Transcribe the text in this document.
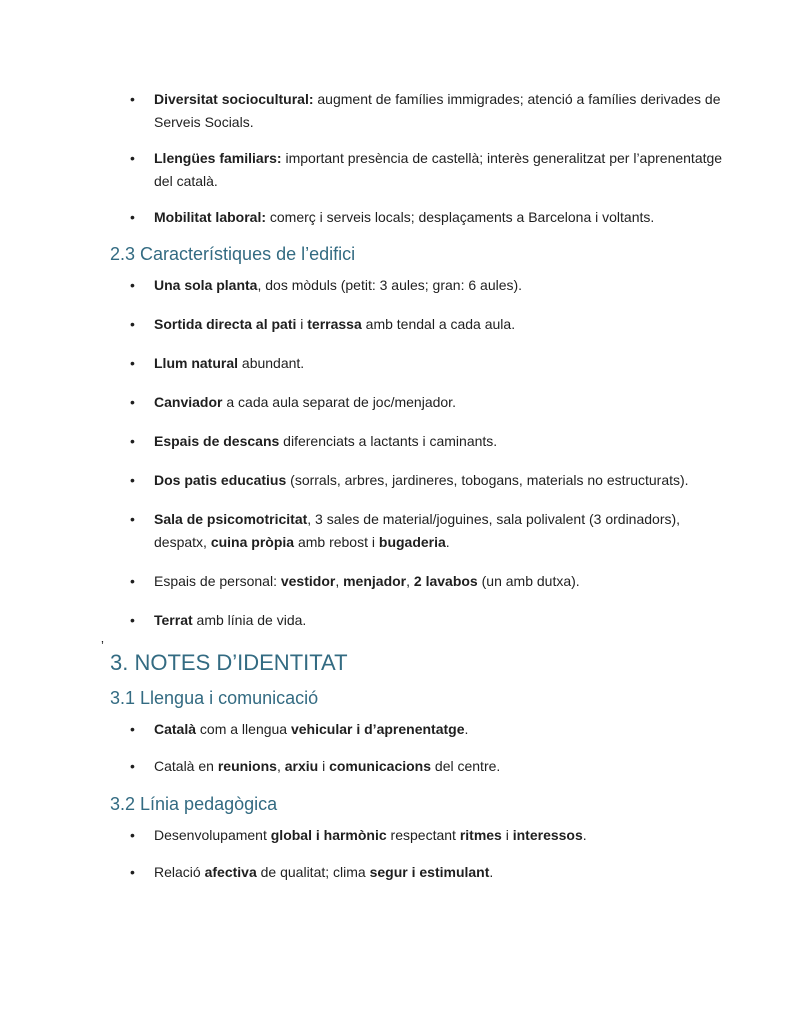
• Diversitat sociocultural: augment de famílies immigrades; atenció a famílies derivades de Serveis Socials.
• Llengües familiars: important presència de castellà; interès generalitzat per l’aprenentatge del català.
• Mobilitat laboral: comerç i serveis locals; desplaçaments a Barcelona i voltants.
2.3 Característiques de l’edifici
• Una sola planta, dos mòduls (petit: 3 aules; gran: 6 aules).
• Sortida directa al pati i terrassa amb tendal a cada aula.
• Llum natural abundant.
• Canviador a cada aula separat de joc/menjador.
• Espais de descans diferenciats a lactants i caminants.
• Dos patis educatius (sorrals, arbres, jardineres, tobogans, materials no estructurats).
• Sala de psicomotricitat, 3 sales de material/joguines, sala polivalent (3 ordinadors), despatx, cuina pròpia amb rebost i bugaderia.
• Espais de personal: vestidor, menjador, 2 lavabos (un amb dutxa).
• Terrat amb línia de vida.
3. NOTES D’IDENTITAT
3.1 Llengua i comunicació
• Català com a llengua vehicular i d’aprenentatge.
• Català en reunions, arxiu i comunicacions del centre.
3.2 Línia pedagògica
• Desenvolupament global i harmònic respectant ritmes i interessos.
• Relació afectiva de qualitat; clima segur i estimulant.
’
